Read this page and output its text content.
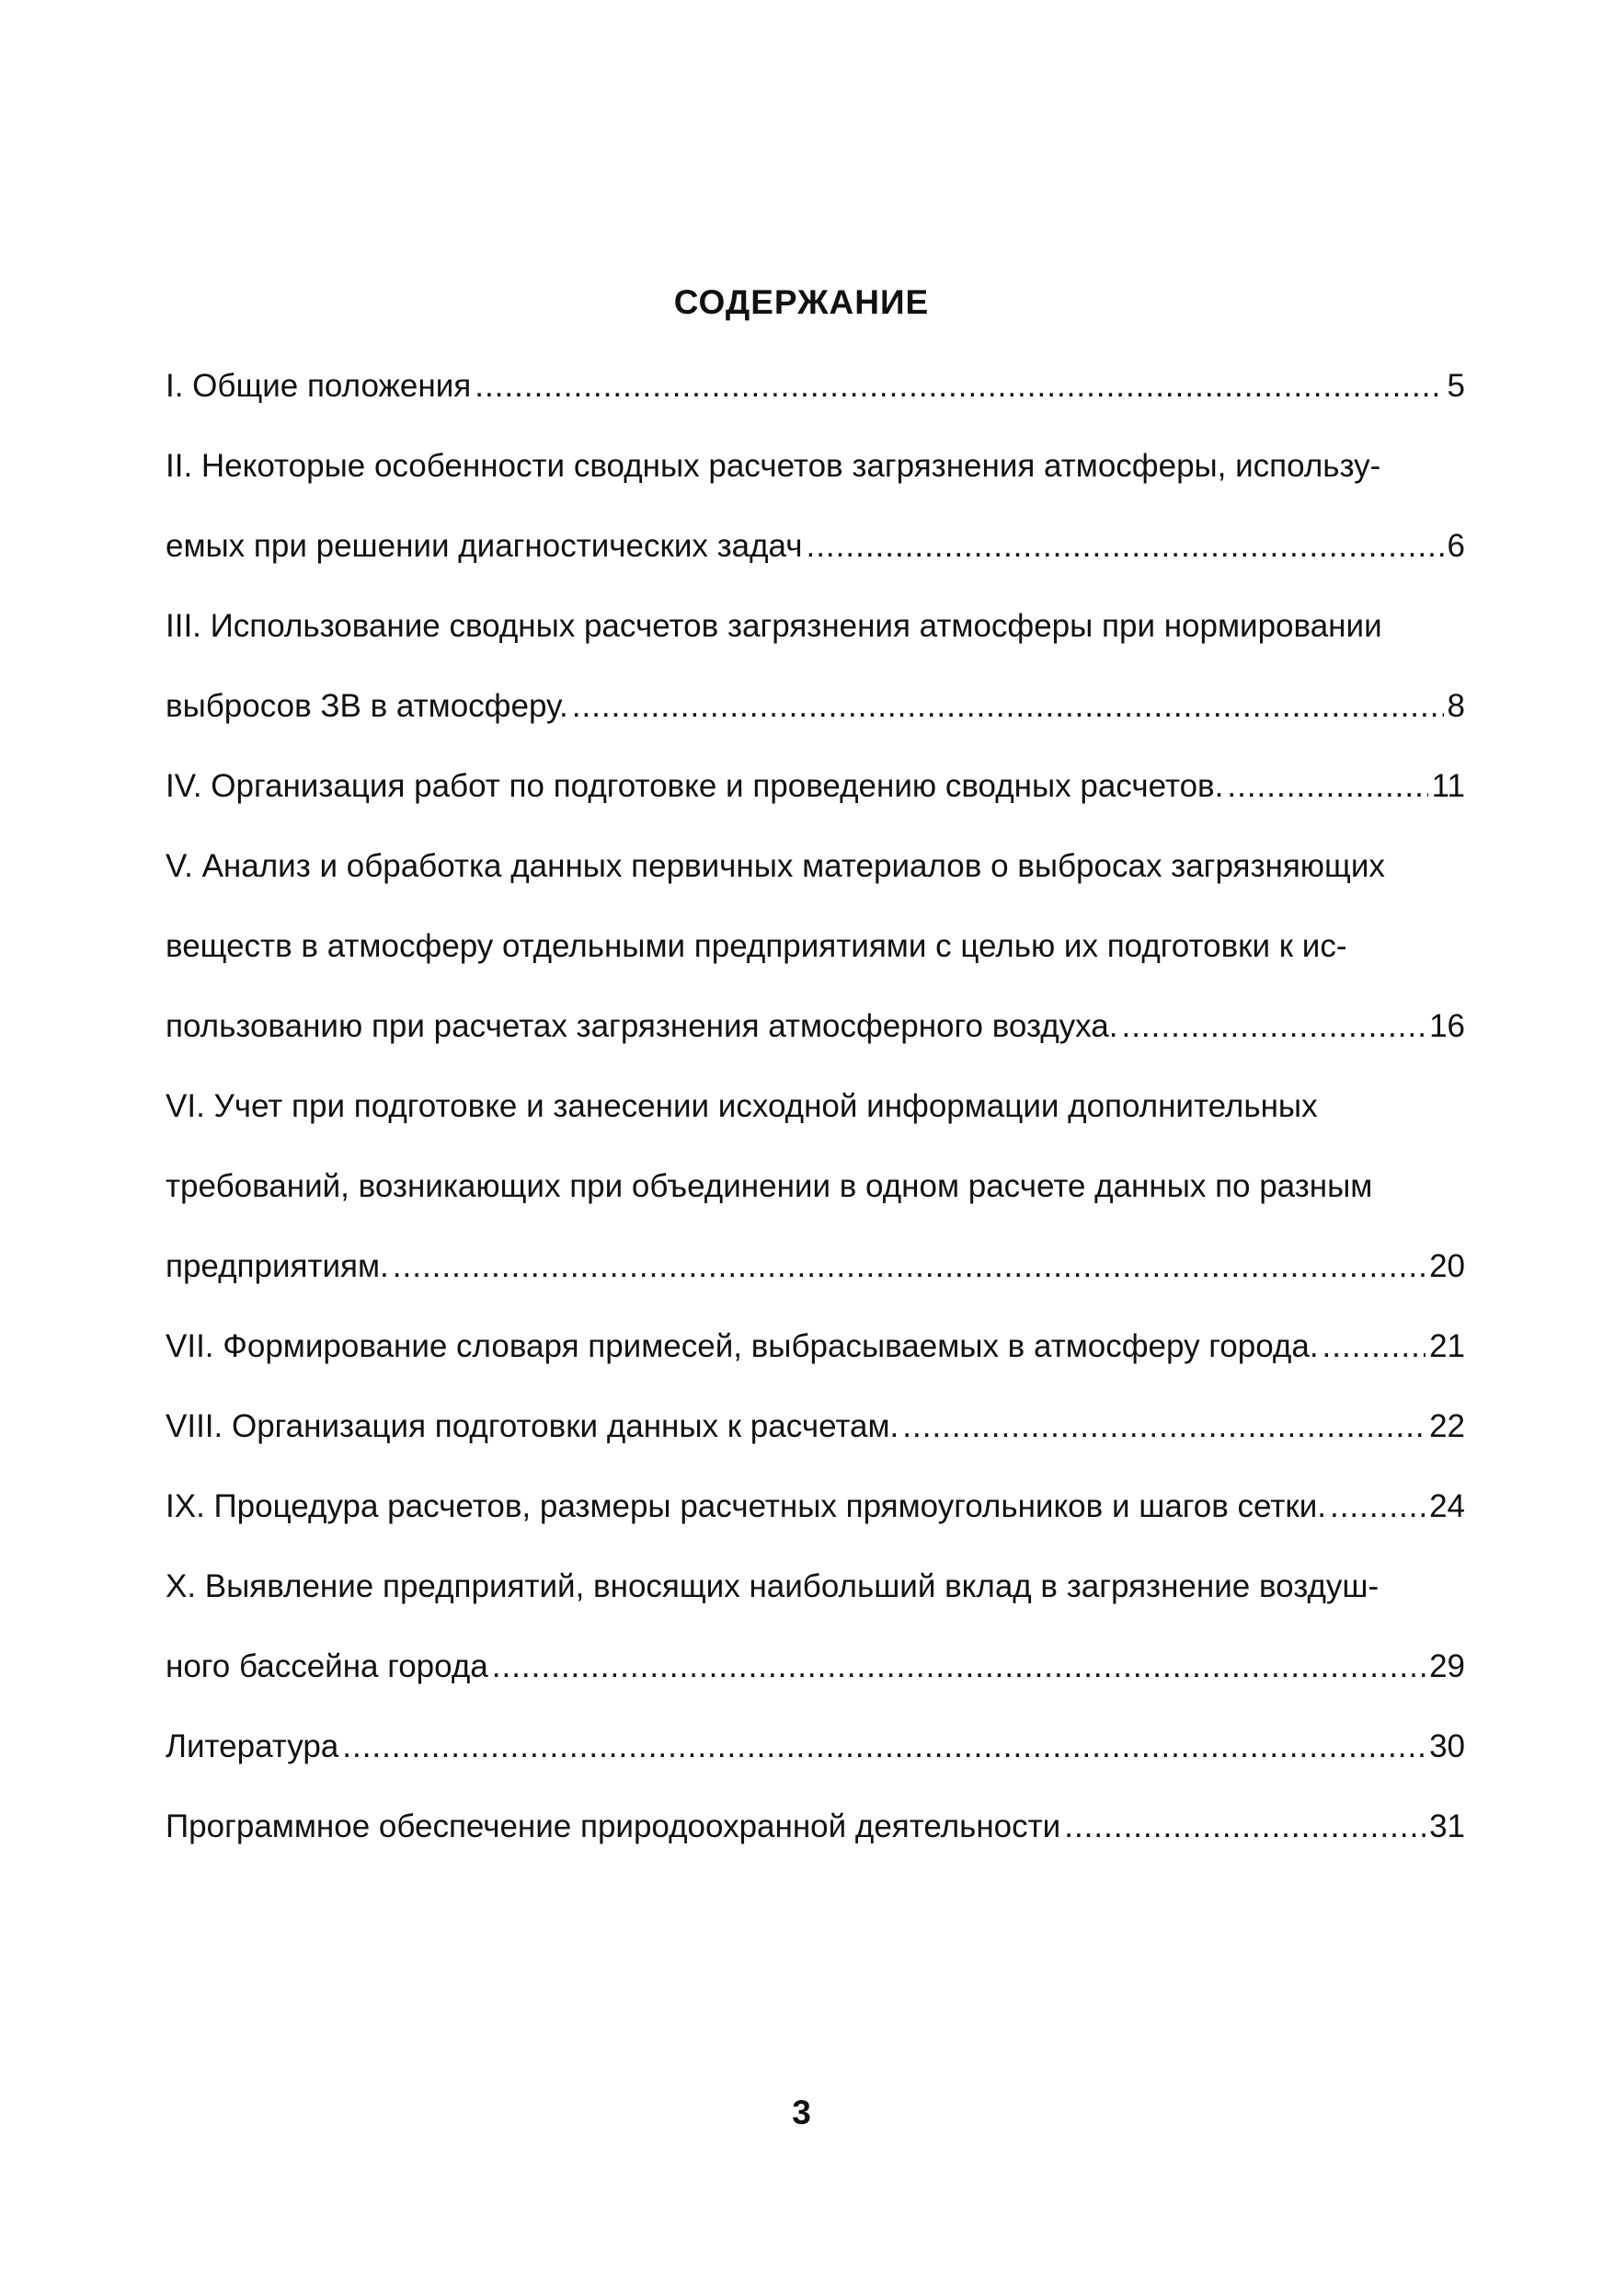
СОДЕРЖАНИЕ
I. Общие положения .....	5
II. Некоторые особенности сводных расчетов загрязнения атмосферы, использу-
емых при решении диагностических задач .....	6
III. Использование сводных расчетов загрязнения атмосферы при нормировании
выбросов ЗВ в атмосферу. .....	8
IV. Организация работ по подготовке и проведению сводных расчетов. .....	11
V. Анализ и обработка данных первичных материалов о выбросах загрязняющих
веществ в атмосферу отдельными предприятиями с целью их подготовки к ис-
пользованию при расчетах загрязнения атмосферного воздуха. .....	16
VI. Учет при подготовке и занесении исходной информации дополнительных
требований, возникающих при объединении в одном расчете данных по разным
предприятиям. .....	20
VII. Формирование словаря примесей, выбрасываемых в атмосферу города. .....	21
VIII. Организация подготовки данных к расчетам. .....	22
IX. Процедура расчетов, размеры расчетных прямоугольников и шагов сетки. .....	24
X. Выявление предприятий, вносящих наибольший вклад в загрязнение воздуш-
ного бассейна города .....	29
Литература .....	30
Программное обеспечение природоохранной деятельности .....	31
3
